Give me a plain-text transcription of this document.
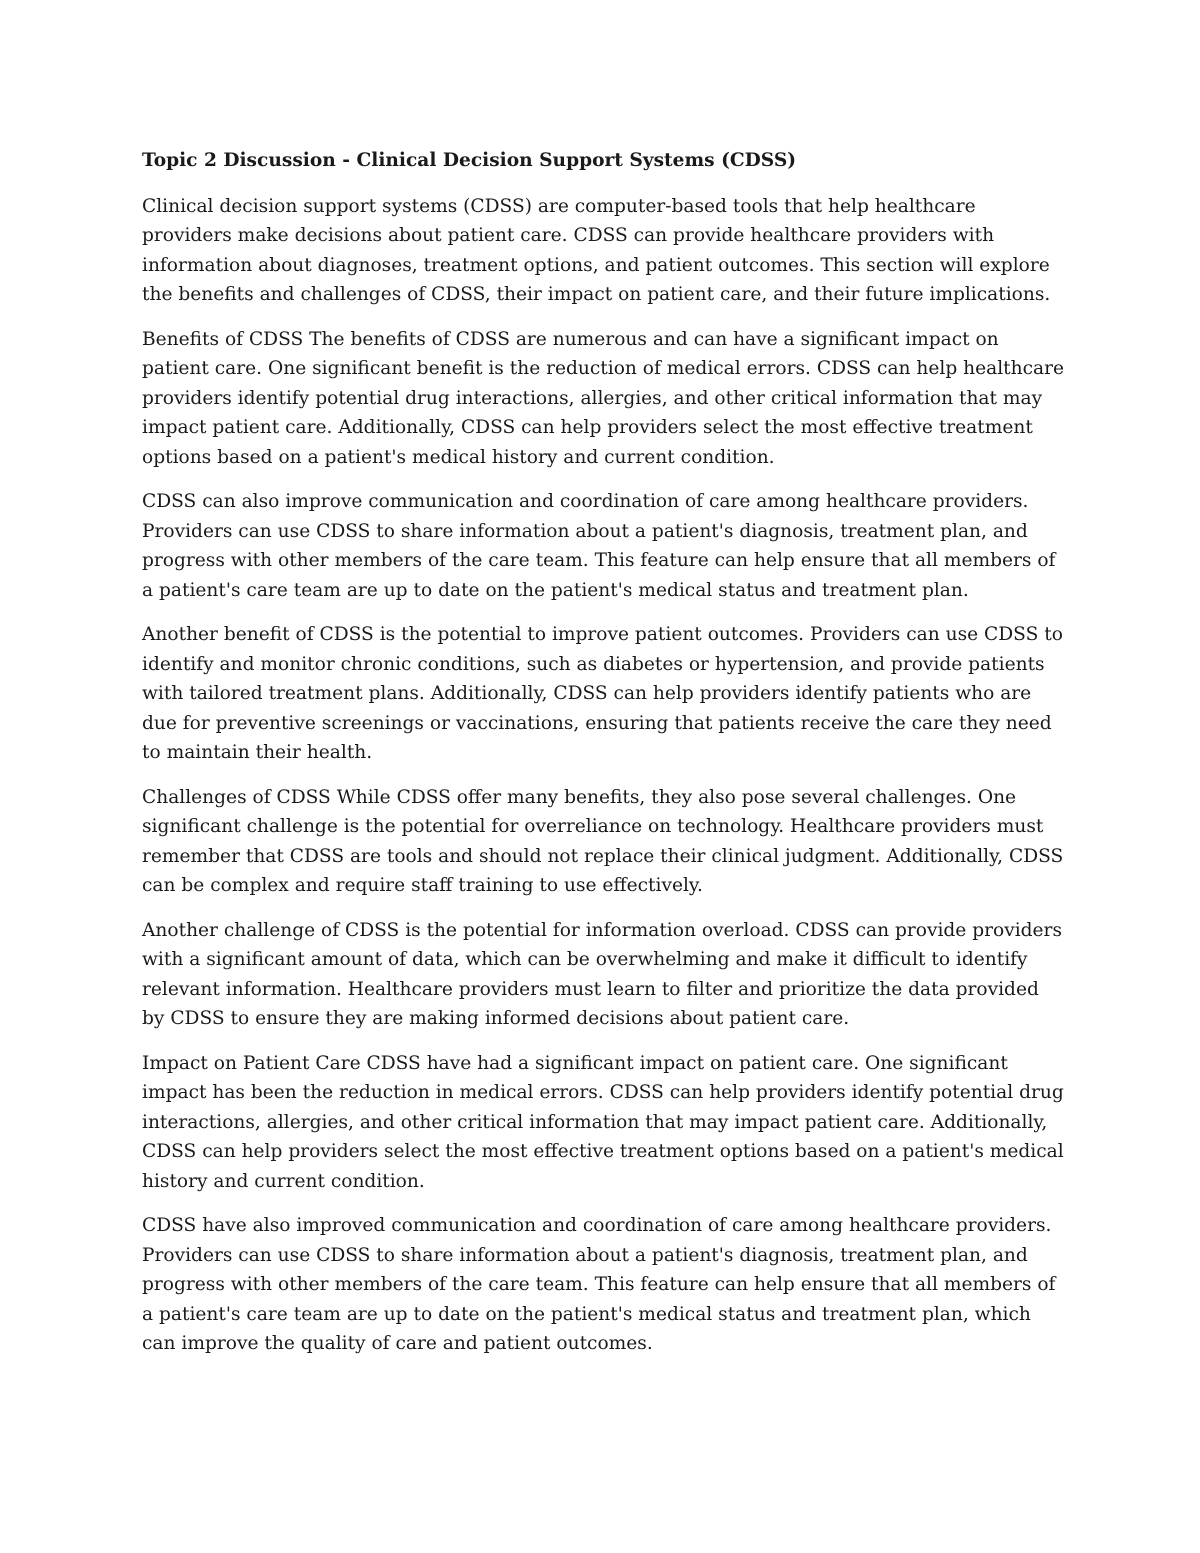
Topic 2 Discussion - Clinical Decision Support Systems (CDSS)

Clinical decision support systems (CDSS) are computer-based tools that help healthcare providers make decisions about patient care. CDSS can provide healthcare providers with information about diagnoses, treatment options, and patient outcomes. This section will explore the benefits and challenges of CDSS, their impact on patient care, and their future implications.

Benefits of CDSS The benefits of CDSS are numerous and can have a significant impact on patient care. One significant benefit is the reduction of medical errors. CDSS can help healthcare providers identify potential drug interactions, allergies, and other critical information that may impact patient care. Additionally, CDSS can help providers select the most effective treatment options based on a patient's medical history and current condition.

CDSS can also improve communication and coordination of care among healthcare providers. Providers can use CDSS to share information about a patient's diagnosis, treatment plan, and progress with other members of the care team. This feature can help ensure that all members of a patient's care team are up to date on the patient's medical status and treatment plan.

Another benefit of CDSS is the potential to improve patient outcomes. Providers can use CDSS to identify and monitor chronic conditions, such as diabetes or hypertension, and provide patients with tailored treatment plans. Additionally, CDSS can help providers identify patients who are due for preventive screenings or vaccinations, ensuring that patients receive the care they need to maintain their health.

Challenges of CDSS While CDSS offer many benefits, they also pose several challenges. One significant challenge is the potential for overreliance on technology. Healthcare providers must remember that CDSS are tools and should not replace their clinical judgment. Additionally, CDSS can be complex and require staff training to use effectively.

Another challenge of CDSS is the potential for information overload. CDSS can provide providers with a significant amount of data, which can be overwhelming and make it difficult to identify relevant information. Healthcare providers must learn to filter and prioritize the data provided by CDSS to ensure they are making informed decisions about patient care.

Impact on Patient Care CDSS have had a significant impact on patient care. One significant impact has been the reduction in medical errors. CDSS can help providers identify potential drug interactions, allergies, and other critical information that may impact patient care. Additionally, CDSS can help providers select the most effective treatment options based on a patient's medical history and current condition.

CDSS have also improved communication and coordination of care among healthcare providers. Providers can use CDSS to share information about a patient's diagnosis, treatment plan, and progress with other members of the care team. This feature can help ensure that all members of a patient's care team are up to date on the patient's medical status and treatment plan, which can improve the quality of care and patient outcomes.
